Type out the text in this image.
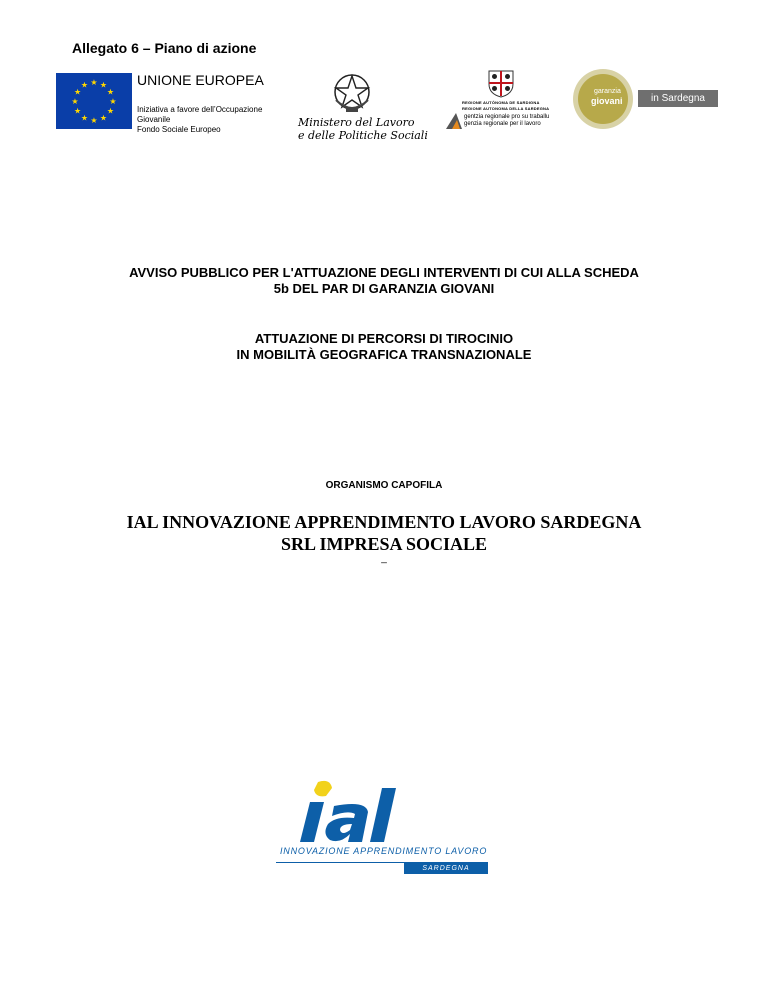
Allegato 6 – Piano di azione
★ ★
★
★
★
★
★
★
★
★
★
★	UNIONE EUROPEA
Iniziativa a favore dell’Occupazione
Giovanile
Fondo Sociale Europeo
Ministero del Lavoro
e delle Politiche Sociali
REGIONE AUTÓNOMA DE SARDIGNA
REGIONE AUTONOMA DELLA SARDEGNA
gentzia regionale pro su traballu
genzia regionale per il lavoro
garanzia
giovani	in Sardegna
AVVISO PUBBLICO PER L'ATTUAZIONE DEGLI INTERVENTI DI CUI ALLA SCHEDA
5b DEL PAR DI GARANZIA GIOVANI
ATTUAZIONE DI PERCORSI DI TIROCINIO
IN MOBILITÀ GEOGRAFICA TRANSNAZIONALE
ORGANISMO CAPOFILA
IAL INNOVAZIONE APPRENDIMENTO LAVORO SARDEGNA
SRL IMPRESA SOCIALE
_
INNOVAZIONE APPRENDIMENTO LAVORO
SARDEGNA
